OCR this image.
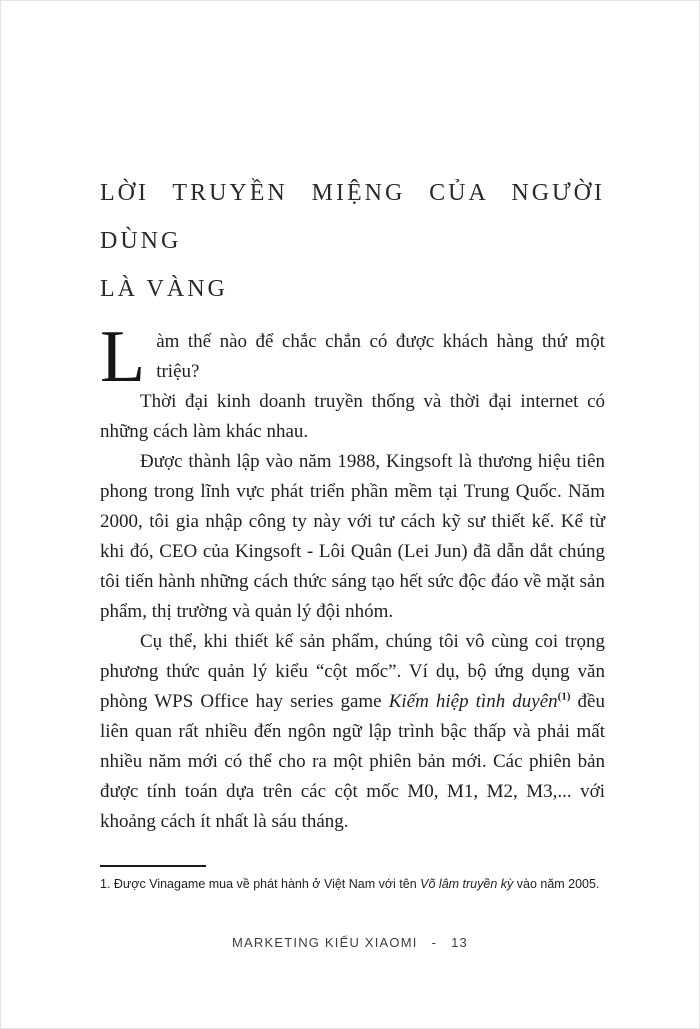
LỜI TRUYỀN MIỆNG CỦA NGƯỜI DÙNG
LÀ VÀNG

Làm thế nào để chắc chắn có được khách hàng thứ một triệu?

Thời đại kinh doanh truyền thống và thời đại internet có những cách làm khác nhau.

Được thành lập vào năm 1988, Kingsoft là thương hiệu tiên phong trong lĩnh vực phát triển phần mềm tại Trung Quốc. Năm 2000, tôi gia nhập công ty này với tư cách kỹ sư thiết kế. Kể từ khi đó, CEO của Kingsoft - Lôi Quân (Lei Jun) đã dẫn dắt chúng tôi tiến hành những cách thức sáng tạo hết sức độc đáo về mặt sản phẩm, thị trường và quản lý đội nhóm.

Cụ thể, khi thiết kế sản phẩm, chúng tôi vô cùng coi trọng phương thức quản lý kiểu “cột mốc”. Ví dụ, bộ ứng dụng văn phòng WPS Office hay series game Kiếm hiệp tình duyên$^{(1)}$ đều liên quan rất nhiều đến ngôn ngữ lập trình bậc thấp và phải mất nhiều năm mới có thể cho ra một phiên bản mới. Các phiên bản được tính toán dựa trên các cột mốc M0, M1, M2, M3,... với khoảng cách ít nhất là sáu tháng.

1. Được Vinagame mua về phát hành ở Việt Nam với tên Võ lâm truyền kỳ vào năm 2005.

MARKETING KIỂU XIAOMI - 13
